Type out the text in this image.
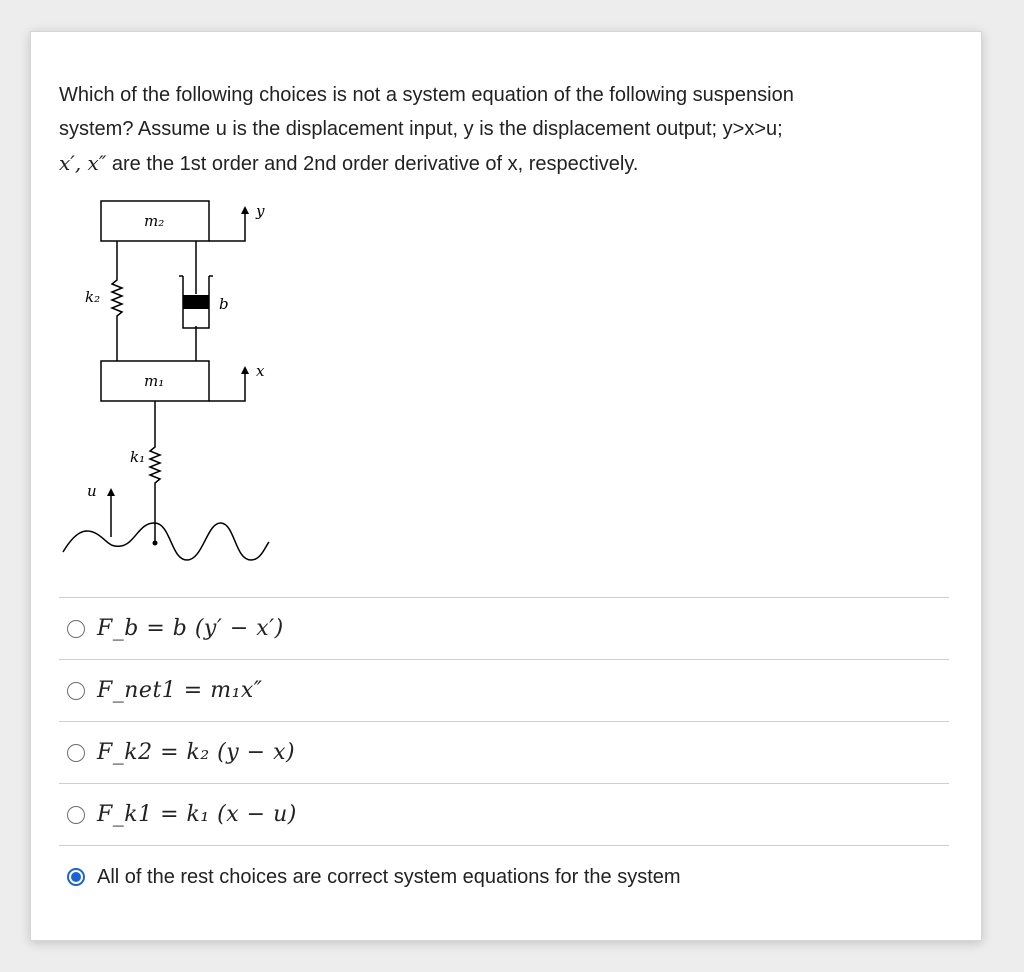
Which of the following choices is not a system equation of the following suspension

system? Assume u is the displacement input, y is the displacement output; y>x>u;

x′, x″ are the 1st order and 2nd order derivative of x, respectively.

m₂
m₁
k₂
k₁
b
y
x
u
F_b = b (y′ − x′)
F_net1 = m₁x″
F_k2 = k₂ (y − x)
F_k1 = k₁ (x − u)
All of the rest choices are correct system equations for the system
